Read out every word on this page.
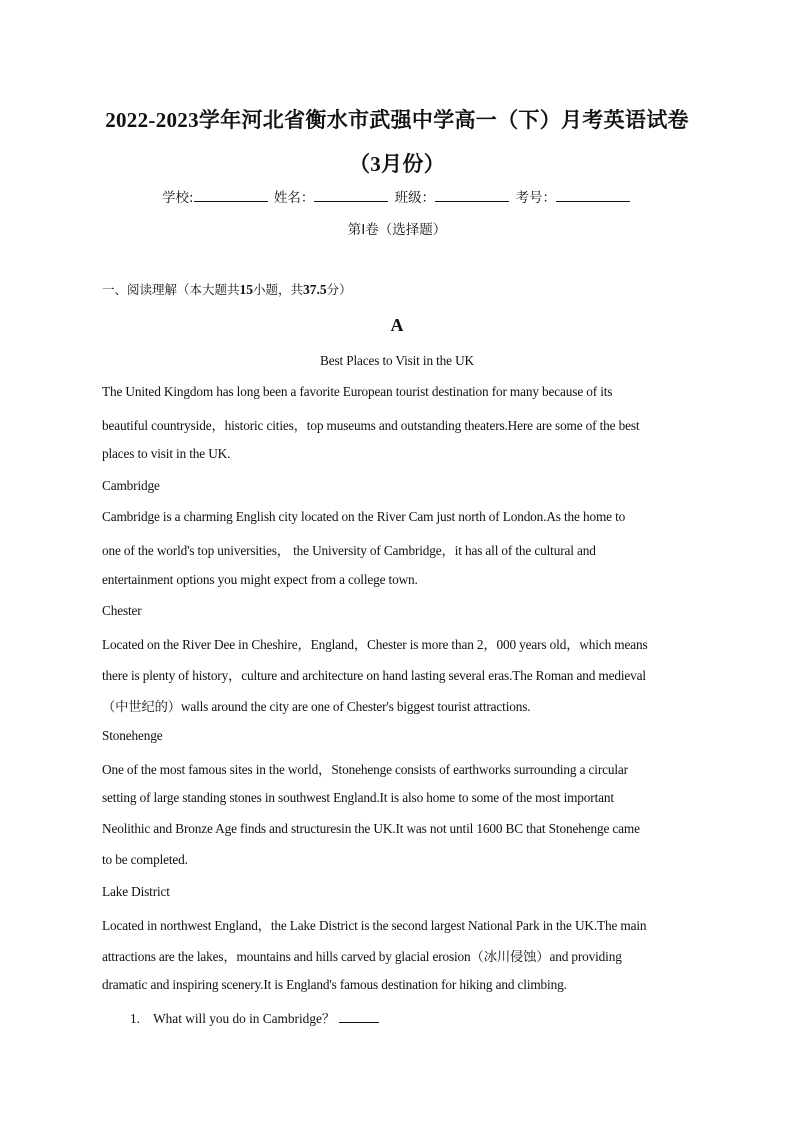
2022-2023学年河北省衡水市武强中学高一（下）月考英语试卷
（3月份）
学校:	姓名：	班级：	考号：
第I卷（选择题）
一、阅读理解（本大题共15小题，共37.5分）
A
Best Places to Visit in the UK
The United Kingdom has long been a favorite European tourist destination for many because of its
beautiful countryside，historic cities，top museums and outstanding theaters.Here are some of the best
places to visit in the UK.
Cambridge
Cambridge is a charming English city located on the River Cam just north of London.As the home to
one of the world's top universities， the University of Cambridge，it has all of the cultural and
entertainment options you might expect from a college town.
Chester
Located on the River Dee in Cheshire，England，Chester is more than 2，000 years old，which means
there is plenty of history，culture and architecture on hand lasting several eras.The Roman and medieval
（中世纪的）walls around the city are one of Chester's biggest tourist attractions.
Stonehenge
One of the most famous sites in the world，Stonehenge consists of earthworks surrounding a circular
setting of large standing stones in southwest England.It is also home to some of the most important
Neolithic and Bronze Age finds and structuresin the UK.It was not until 1600 BC that Stonehenge came
to be completed.
Lake District
Located in northwest England，the Lake District is the second largest National Park in the UK.The main
attractions are the lakes，mountains and hills carved by glacial erosion（冰川侵蚀）and providing
dramatic and inspiring scenery.It is England's famous destination for hiking and climbing.
1. What will you do in Cambridge？
